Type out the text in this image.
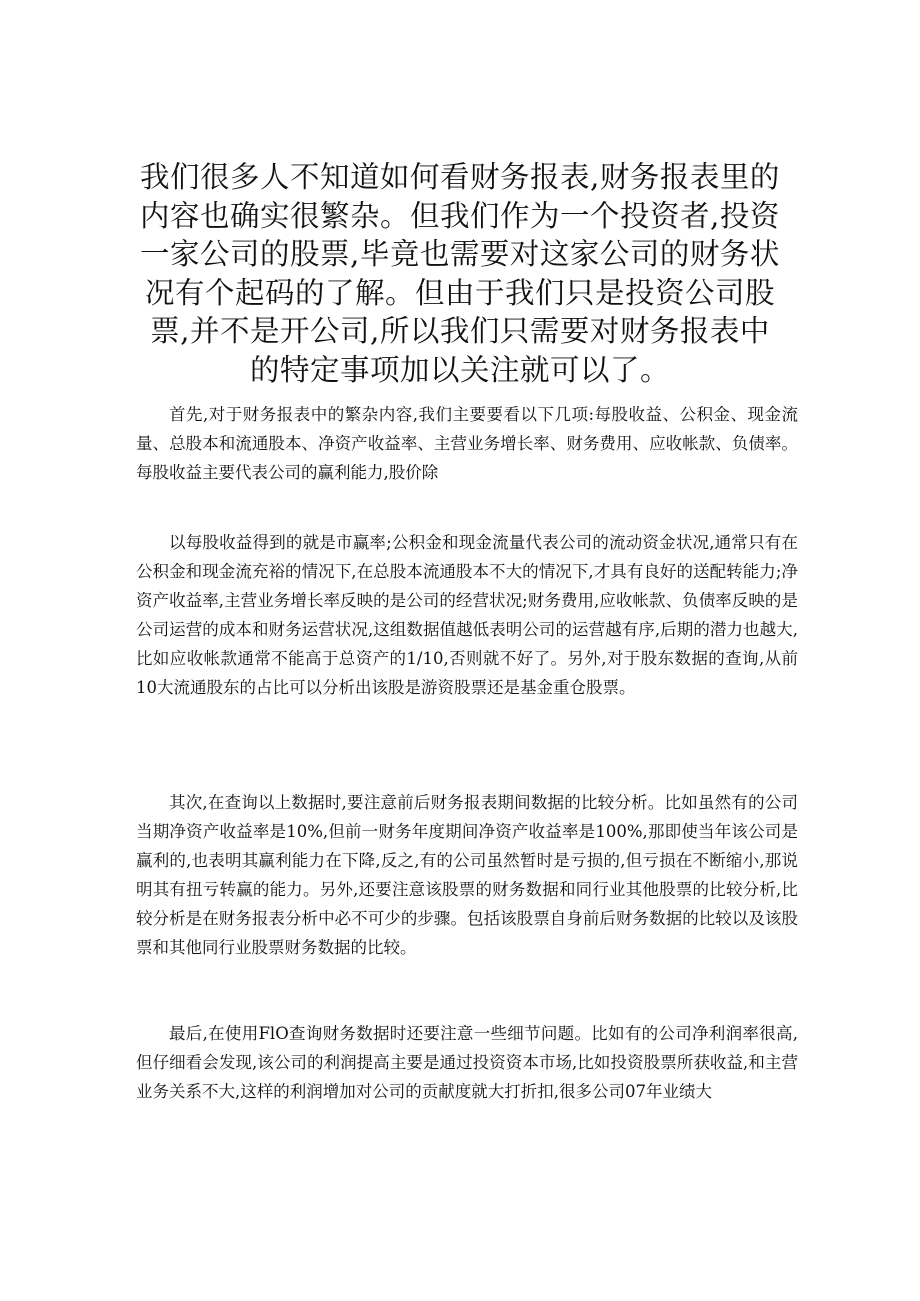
我们很多人不知道如何看财务报表,财务报表里的内容也确实很繁杂。但我们作为一个投资者,投资一家公司的股票,毕竟也需要对这家公司的财务状况有个起码的了解。但由于我们只是投资公司股票,并不是开公司,所以我们只需要对财务报表中的特定事项加以关注就可以了。

首先,对于财务报表中的繁杂内容,我们主要要看以下几项:每股收益、公积金、现金流量、总股本和流通股本、净资产收益率、主营业务增长率、财务费用、应收帐款、负债率。每股收益主要代表公司的赢利能力,股价除

以每股收益得到的就是市赢率;公积金和现金流量代表公司的流动资金状况,通常只有在公积金和现金流充裕的情况下,在总股本流通股本不大的情况下,才具有良好的送配转能力;净资产收益率,主营业务增长率反映的是公司的经营状况;财务费用,应收帐款、负债率反映的是公司运营的成本和财务运营状况,这组数据值越低表明公司的运营越有序,后期的潜力也越大,比如应收帐款通常不能高于总资产的1/10,否则就不好了。另外,对于股东数据的查询,从前10大流通股东的占比可以分析出该股是游资股票还是基金重仓股票。

其次,在查询以上数据时,要注意前后财务报表期间数据的比较分析。比如虽然有的公司当期净资产收益率是10%,但前一财务年度期间净资产收益率是100%,那即使当年该公司是赢利的,也表明其赢利能力在下降,反之,有的公司虽然暂时是亏损的,但亏损在不断缩小,那说明其有扭亏转赢的能力。另外,还要注意该股票的财务数据和同行业其他股票的比较分析,比较分析是在财务报表分析中必不可少的步骤。包括该股票自身前后财务数据的比较以及该股票和其他同行业股票财务数据的比较。

最后,在使用FlO查询财务数据时还要注意一些细节问题。比如有的公司净利润率很高,但仔细看会发现,该公司的利润提高主要是通过投资资本市场,比如投资股票所获收益,和主营业务关系不大,这样的利润增加对公司的贡献度就大打折扣,很多公司07年业绩大
